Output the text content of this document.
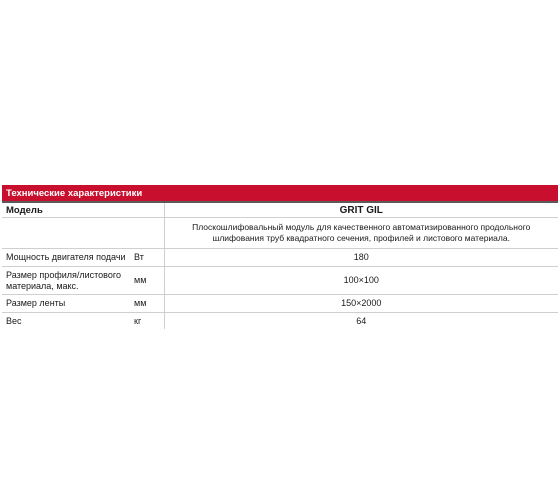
Технические характеристики		
Модель		GRIT GIL
		Плоскошлифовальный модуль для качественного автоматизированного продольного шлифования труб квадратного сечения, профилей и листового материала.
Мощность двигателя подачи	Вт	180
Размер профиля/листового материала, макс.	мм	100×100
Размер ленты	мм	150×2000
Вес	кг	64
